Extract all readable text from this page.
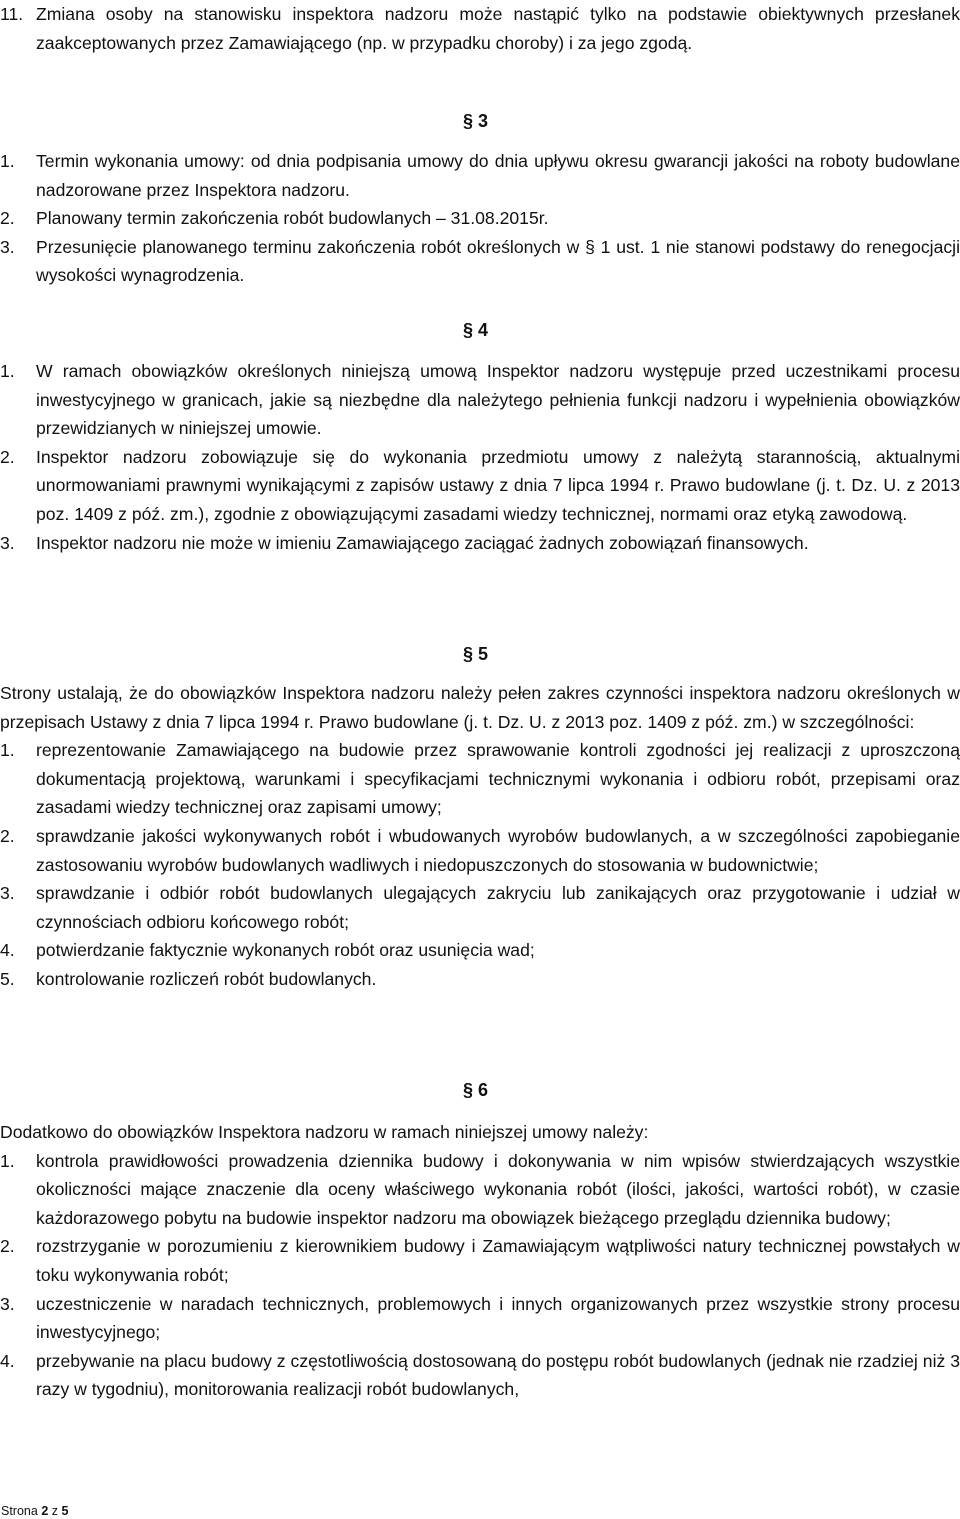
11. Zmiana osoby na stanowisku inspektora nadzoru może nastąpić tylko na podstawie obiektywnych przesłanek zaakceptowanych przez Zamawiającego (np. w przypadku choroby) i za jego zgodą.
§ 3
1.	Termin wykonania umowy: od dnia podpisania umowy do dnia upływu okresu gwarancji jakości na roboty budowlane nadzorowane przez Inspektora nadzoru.
2.	Planowany termin zakończenia robót budowlanych – 31.08.2015r.
3.	Przesunięcie planowanego terminu zakończenia robót określonych w § 1 ust. 1 nie stanowi podstawy do renegocjacji wysokości wynagrodzenia.
§ 4
1.	W ramach obowiązków określonych niniejszą umową Inspektor nadzoru występuje przed uczestnikami procesu inwestycyjnego w granicach, jakie są niezbędne dla należytego pełnienia funkcji nadzoru i wypełnienia obowiązków przewidzianych w niniejszej umowie.
2.	Inspektor nadzoru zobowiązuje się do wykonania przedmiotu umowy z należytą starannością, aktualnymi unormowaniami prawnymi wynikającymi z zapisów ustawy z dnia 7 lipca 1994 r. Prawo budowlane (j. t. Dz. U. z 2013 poz. 1409 z póź. zm.), zgodnie z obowiązującymi zasadami wiedzy technicznej, normami oraz etyką zawodową.
3.	Inspektor nadzoru nie może w imieniu Zamawiającego zaciągać żadnych zobowiązań finansowych.
§ 5

Strony ustalają, że do obowiązków Inspektora nadzoru należy pełen zakres czynności inspektora nadzoru określonych w przepisach Ustawy z dnia 7 lipca 1994 r. Prawo budowlane (j. t. Dz. U. z 2013 poz. 1409 z póź. zm.) w szczególności:

1.	reprezentowanie Zamawiającego na budowie przez sprawowanie kontroli zgodności jej realizacji z uproszczoną dokumentacją projektową, warunkami i specyfikacjami technicznymi wykonania i odbioru robót, przepisami oraz zasadami wiedzy technicznej oraz zapisami umowy;
2.	sprawdzanie jakości wykonywanych robót i wbudowanych wyrobów budowlanych, a w szczególności zapobieganie zastosowaniu wyrobów budowlanych wadliwych i niedopuszczonych do stosowania w budownictwie;
3.	sprawdzanie i odbiór robót budowlanych ulegających zakryciu lub zanikających oraz przygotowanie i udział w czynnościach odbioru końcowego robót;
4.	potwierdzanie faktycznie wykonanych robót oraz usunięcia wad;
5.	kontrolowanie rozliczeń robót budowlanych.
§ 6

Dodatkowo do obowiązków Inspektora nadzoru w ramach niniejszej umowy należy:

1.	kontrola prawidłowości prowadzenia dziennika budowy i dokonywania w nim wpisów stwierdzających wszystkie okoliczności mające znaczenie dla oceny właściwego wykonania robót (ilości, jakości, wartości robót), w czasie każdorazowego pobytu na budowie inspektor nadzoru ma obowiązek bieżącego przeglądu dziennika budowy;
2.	rozstrzyganie w porozumieniu z kierownikiem budowy i Zamawiającym wątpliwości natury technicznej powstałych w toku wykonywania robót;
3.	uczestniczenie w naradach technicznych, problemowych i innych organizowanych przez wszystkie strony procesu inwestycyjnego;
4.	przebywanie na placu budowy z częstotliwością dostosowaną do postępu robót budowlanych (jednak nie rzadziej niż 3 razy w tygodniu), monitorowania realizacji robót budowlanych,
Strona 2 z 5
